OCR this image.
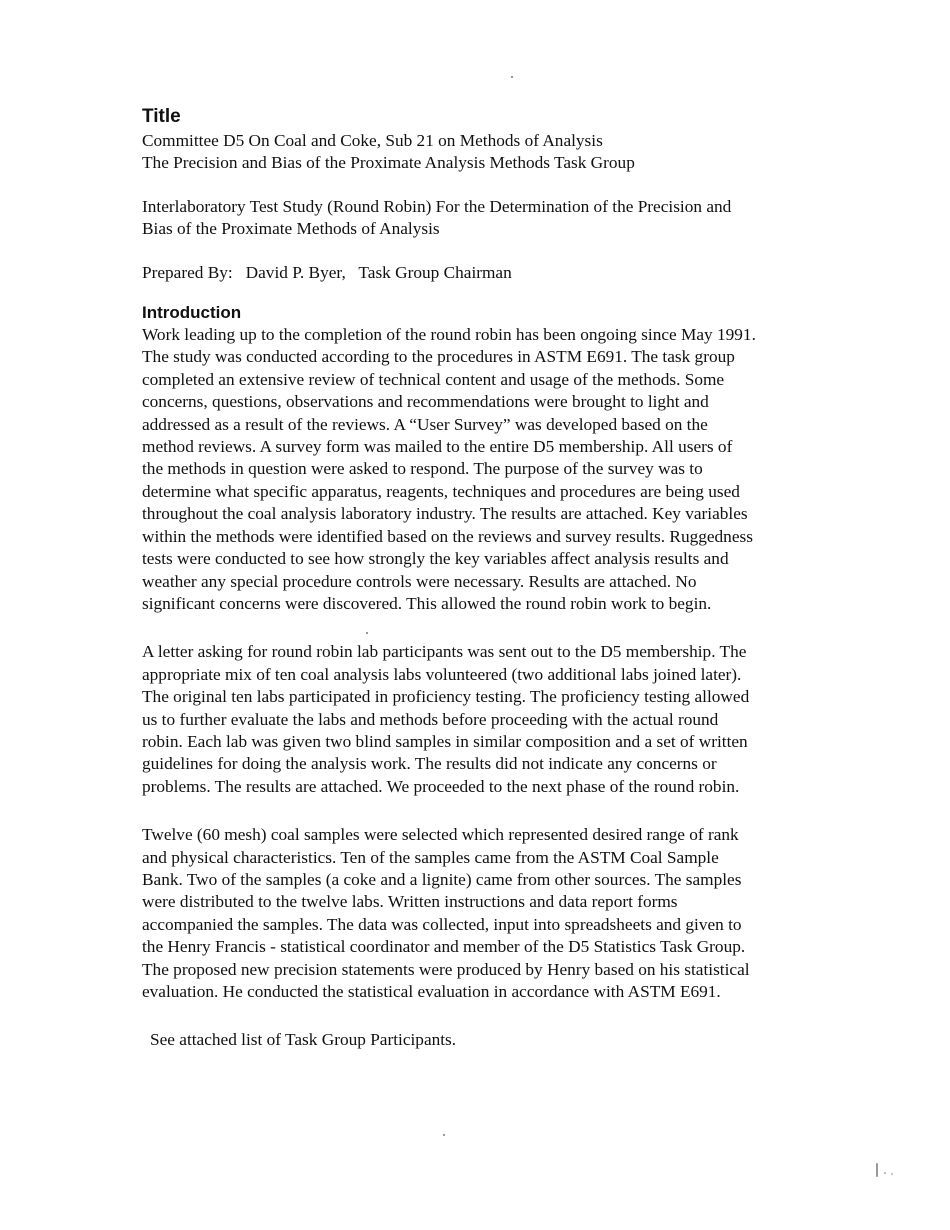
Title

Committee D5 On Coal and Coke, Sub 21 on Methods of Analysis

The Precision and Bias of the Proximate Analysis Methods Task Group

Interlaboratory Test Study (Round Robin) For the Determination of the Precision and

Bias of the Proximate Methods of Analysis

Prepared By:   David P. Byer,   Task Group Chairman

Introduction

Work leading up to the completion of the round robin has been ongoing since May 1991.

The study was conducted according to the procedures in ASTM E691. The task group

completed an extensive review of technical content and usage of the methods. Some

concerns, questions, observations and recommendations were brought to light and

addressed as a result of the reviews. A “User Survey” was developed based on the

method reviews. A survey form was mailed to the entire D5 membership. All users of

the methods in question were asked to respond. The purpose of the survey was to

determine what specific apparatus, reagents, techniques and procedures are being used

throughout the coal analysis laboratory industry. The results are attached. Key variables

within the methods were identified based on the reviews and survey results. Ruggedness

tests were conducted to see how strongly the key variables affect analysis results and

weather any special procedure controls were necessary. Results are attached. No

significant concerns were discovered. This allowed the round robin work to begin.

A letter asking for round robin lab participants was sent out to the D5 membership. The

appropriate mix of ten coal analysis labs volunteered (two additional labs joined later).

The original ten labs participated in proficiency testing. The proficiency testing allowed

us to further evaluate the labs and methods before proceeding with the actual round

robin. Each lab was given two blind samples in similar composition and a set of written

guidelines for doing the analysis work. The results did not indicate any concerns or

problems. The results are attached. We proceeded to the next phase of the round robin.

Twelve (60 mesh) coal samples were selected which represented desired range of rank

and physical characteristics. Ten of the samples came from the ASTM Coal Sample

Bank. Two of the samples (a coke and a lignite) came from other sources. The samples

were distributed to the twelve labs. Written instructions and data report forms

accompanied the samples. The data was collected, input into spreadsheets and given to

the Henry Francis - statistical coordinator and member of the D5 Statistics Task Group.

The proposed new precision statements were produced by Henry based on his statistical

evaluation. He conducted the statistical evaluation in accordance with ASTM E691.

See attached list of Task Group Participants.
